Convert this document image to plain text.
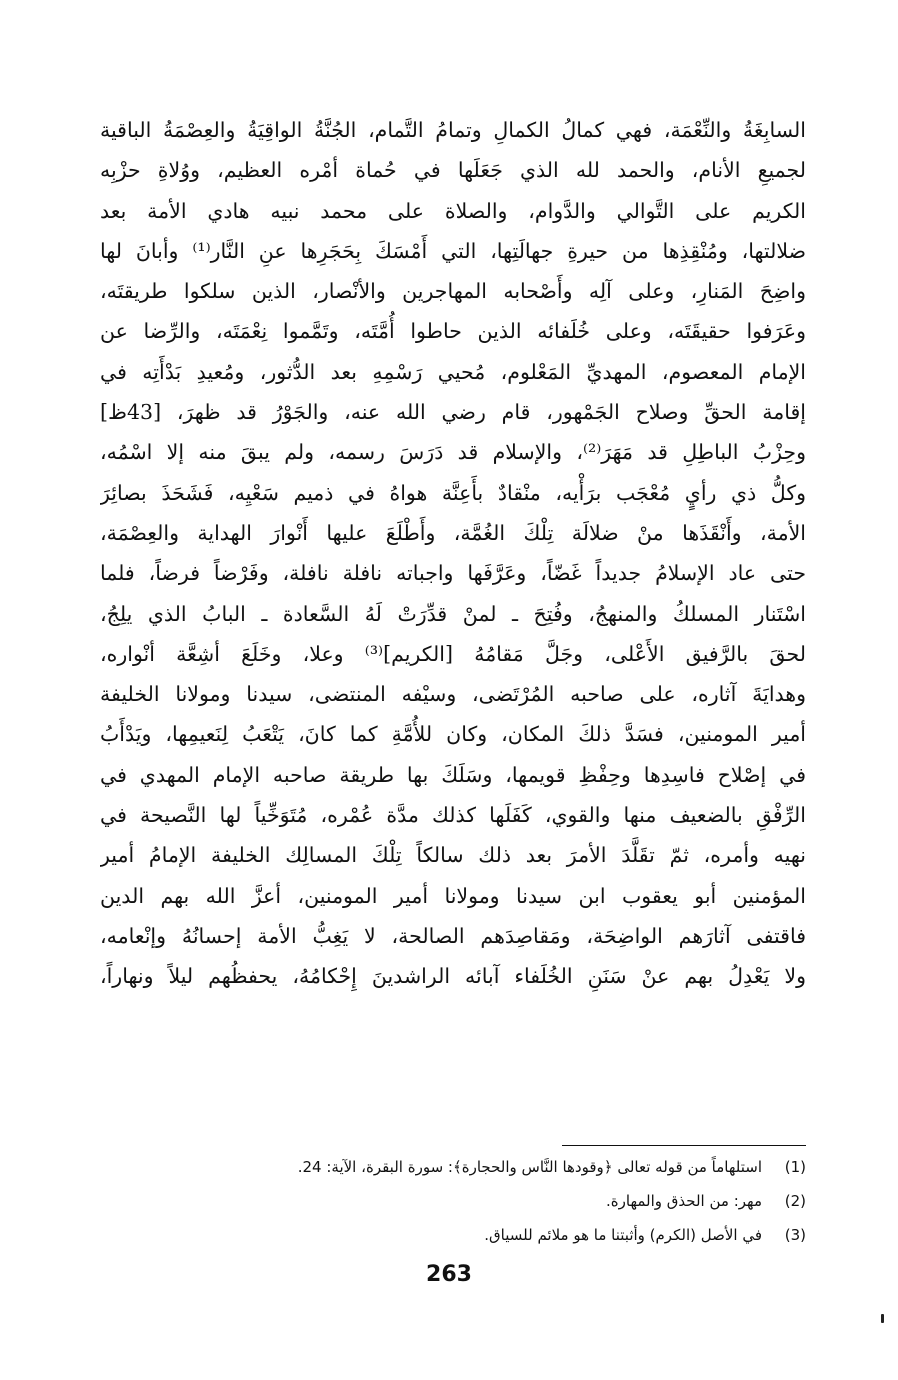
السابِغَةُ والنِّعْمَة، فهي كمالُ الكمالِ وتمامُ التَّمام، الجُنَّةُ الواقِيَةُ والعِصْمَةُ الباقية
لجميعِ الأنام، والحمد لله الذي جَعَلَها في حُماة أمْره العظيم، ووُلاةِ حزْبِه
الكريم على التَّوالي والدَّوام، والصلاة على محمد نبيه هادي الأمة بعد
ضلالتها، ومُنْقِذِها من حيرةِ جهالَتِها، التي أَمْسَكَ بِحَجَرِها عنِ النَّار⁽¹⁾ وأبانَ لها
واضِحَ المَنارِ، وعلى آلِه وأَصْحابه المهاجرين والأنْصار، الذين سلكوا طريقتَه،
وعَرَفوا حقيقَتَه، وعلى خُلَفائه الذين حاطوا أُمَّتَه، وتَمَّموا نِعْمَتَه، والرِّضا عن
الإمام المعصوم، المهديِّ المَعْلوم، مُحيي رَسْمِهِ بعد الدُّثور، ومُعيدِ بَدْأَتِه في
إقامة الحقِّ وصلاح الجَمْهور، قام رضي الله عنه، والجَوْرُ قد ظهرَ، [43ظ]
وحِزْبُ الباطِلِ قد مَهَرَ⁽²⁾، والإسلام قد دَرَسَ رسمه، ولم يبقَ منه إلا اسْمُه،
وكلُّ ذي رأيٍ مُعْجَب برَأْيه، منْقادٌ بأَعِنَّة هواهُ في ذميم سَعْيِه، فَشَحَذَ بصائِرَ
الأمة، وأَنْقَذَها منْ ضلالَة تِلْكَ الغُمَّة، وأَطْلَعَ عليها أَنْوارَ الهداية والعِصْمَة،
حتى عاد الإسلامُ جديداً غَضّاً، وعَرَّفَها واجباته نافلة نافلة، وفَرْضاً فرضاً، فلما
اسْتَنار المسلكُ والمنهجُ، وفُتِحَ ـ لمنْ قدِّرَتْ لَهُ السَّعادة ـ البابُ الذي يلِجُ،
لحقَ بالرَّفيق الأَعْلى، وجَلَّ مَقامُهُ [الكريم]⁽³⁾ وعلا، وخَلَعَ أشِعَّة أنْواره،
وهدايَةَ آثاره، على صاحبه المُرْتَضى، وسيْفه المنتضى، سيدنا ومولانا الخليفة
أمير المومنين، فسَدَّ ذلكَ المكان، وكان للأُمَّةِ كما كانَ، يَتْعَبُ لِنَعيمِها، ويَدْأَبُ
في إصْلاح فاسِدِها وحِفْظِ قويمها، وسَلَكَ بها طريقة صاحبه الإمام المهدي في
الرِّفْقِ بالضعيف منها والقوي، كَفَلَها كذلك مدَّة عُمْره، مُتَوَخِّياً لها النَّصيحة في
نهيه وأمره، ثمّ تقَلَّدَ الأمرَ بعد ذلك سالكاً تِلْكَ المسالِك الخليفة الإمامُ أمير
المؤمنين أبو يعقوب ابن سيدنا ومولانا أمير المومنين، أعزَّ الله بهم الدين
فاقتفى آثارَهم الواضِحَة، ومَقاصِدَهم الصالحة، لا يَغِبُّ الأمة إحسانُهُ وإنْعامه،
ولا يَعْدِلُ بهم عنْ سَنَنِ الخُلَفاء آبائه الراشدينَ إِحْكامُهُ، يحفظُهم ليلاً ونهاراً،
(1)
استلهاماً من قوله تعالى ﴿وقودها النَّاس والحجارة﴾: سورة البقرة، الآية: 24.
(2)
مهر: من الحذق والمهارة.
(3)
في الأصل (الكرم) وأثبتنا ما هو ملائم للسياق.
263
